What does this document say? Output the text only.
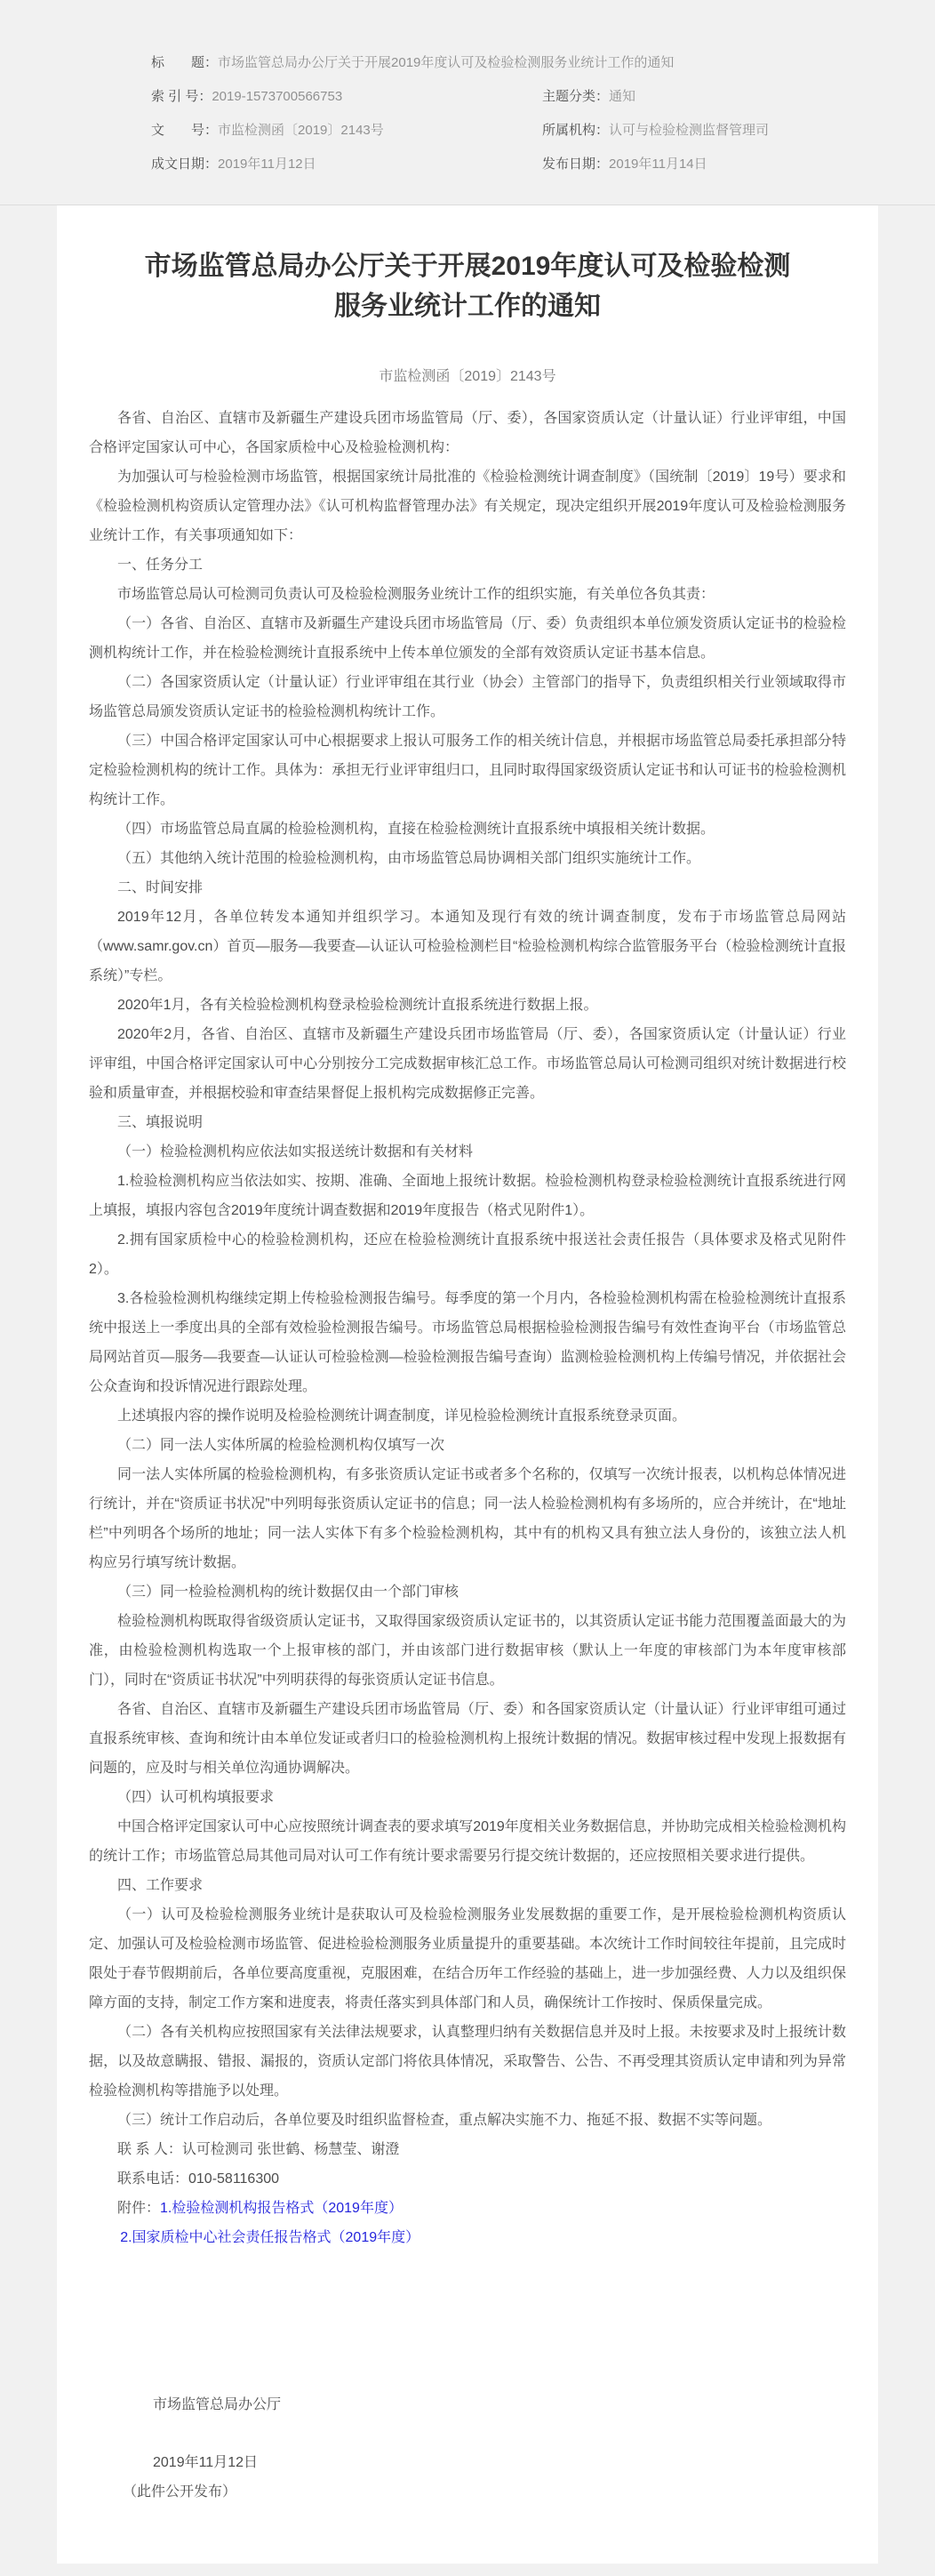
标　　题： 市场监管总局办公厅关于开展2019年度认可及检验检测服务业统计工作的通知
索 引 号： 2019-1573700566753	主题分类： 通知
文　　号： 市监检测函〔2019〕2143号	所属机构： 认可与检验检测监督管理司
成文日期： 2019年11月12日	发布日期： 2019年11月14日
市场监管总局办公厅关于开展2019年度认可及检验检测
服务业统计工作的通知
市监检测函〔2019〕2143号

各省、自治区、直辖市及新疆生产建设兵团市场监管局（厅、委），各国家资质认定（计量认证）行业评审组，中国合格评定国家认可中心，各国家质检中心及检验检测机构：

为加强认可与检验检测市场监管，根据国家统计局批准的《检验检测统计调查制度》（国统制〔2019〕19号）要求和《检验检测机构资质认定管理办法》《认可机构监督管理办法》有关规定，现决定组织开展2019年度认可及检验检测服务业统计工作，有关事项通知如下：

一、任务分工

市场监管总局认可检测司负责认可及检验检测服务业统计工作的组织实施，有关单位各负其责：

（一）各省、自治区、直辖市及新疆生产建设兵团市场监管局（厅、委）负责组织本单位颁发资质认定证书的检验检测机构统计工作，并在检验检测统计直报系统中上传本单位颁发的全部有效资质认定证书基本信息。

（二）各国家资质认定（计量认证）行业评审组在其行业（协会）主管部门的指导下，负责组织相关行业领域取得市场监管总局颁发资质认定证书的检验检测机构统计工作。

（三）中国合格评定国家认可中心根据要求上报认可服务工作的相关统计信息，并根据市场监管总局委托承担部分特定检验检测机构的统计工作。具体为：承担无行业评审组归口，且同时取得国家级资质认定证书和认可证书的检验检测机构统计工作。

（四）市场监管总局直属的检验检测机构，直接在检验检测统计直报系统中填报相关统计数据。

（五）其他纳入统计范围的检验检测机构，由市场监管总局协调相关部门组织实施统计工作。

二、时间安排

2019年12月，各单位转发本通知并组织学习。本通知及现行有效的统计调查制度，发布于市场监管总局网站（www.samr.gov.cn）首页—服务—我要查—认证认可检验检测栏目“检验检测机构综合监管服务平台（检验检测统计直报系统）”专栏。

2020年1月，各有关检验检测机构登录检验检测统计直报系统进行数据上报。

2020年2月，各省、自治区、直辖市及新疆生产建设兵团市场监管局（厅、委），各国家资质认定（计量认证）行业评审组，中国合格评定国家认可中心分别按分工完成数据审核汇总工作。市场监管总局认可检测司组织对统计数据进行校验和质量审查，并根据校验和审查结果督促上报机构完成数据修正完善。

三、填报说明

（一）检验检测机构应依法如实报送统计数据和有关材料

1.检验检测机构应当依法如实、按期、准确、全面地上报统计数据。检验检测机构登录检验检测统计直报系统进行网上填报，填报内容包含2019年度统计调查数据和2019年度报告（格式见附件1）。

2.拥有国家质检中心的检验检测机构，还应在检验检测统计直报系统中报送社会责任报告（具体要求及格式见附件2）。

3.各检验检测机构继续定期上传检验检测报告编号。每季度的第一个月内，各检验检测机构需在检验检测统计直报系统中报送上一季度出具的全部有效检验检测报告编号。市场监管总局根据检验检测报告编号有效性查询平台（市场监管总局网站首页—服务—我要查—认证认可检验检测—检验检测报告编号查询）监测检验检测机构上传编号情况，并依据社会公众查询和投诉情况进行跟踪处理。

上述填报内容的操作说明及检验检测统计调查制度，详见检验检测统计直报系统登录页面。

（二）同一法人实体所属的检验检测机构仅填写一次

同一法人实体所属的检验检测机构，有多张资质认定证书或者多个名称的，仅填写一次统计报表，以机构总体情况进行统计，并在“资质证书状况”中列明每张资质认定证书的信息；同一法人检验检测机构有多场所的，应合并统计，在“地址栏”中列明各个场所的地址；同一法人实体下有多个检验检测机构，其中有的机构又具有独立法人身份的，该独立法人机构应另行填写统计数据。

（三）同一检验检测机构的统计数据仅由一个部门审核

检验检测机构既取得省级资质认定证书，又取得国家级资质认定证书的，以其资质认定证书能力范围覆盖面最大的为准，由检验检测机构选取一个上报审核的部门，并由该部门进行数据审核（默认上一年度的审核部门为本年度审核部门），同时在“资质证书状况”中列明获得的每张资质认定证书信息。

各省、自治区、直辖市及新疆生产建设兵团市场监管局（厅、委）和各国家资质认定（计量认证）行业评审组可通过直报系统审核、查询和统计由本单位发证或者归口的检验检测机构上报统计数据的情况。数据审核过程中发现上报数据有问题的，应及时与相关单位沟通协调解决。

（四）认可机构填报要求

中国合格评定国家认可中心应按照统计调查表的要求填写2019年度相关业务数据信息，并协助完成相关检验检测机构的统计工作；市场监管总局其他司局对认可工作有统计要求需要另行提交统计数据的，还应按照相关要求进行提供。

四、工作要求

（一）认可及检验检测服务业统计是获取认可及检验检测服务业发展数据的重要工作，是开展检验检测机构资质认定、加强认可及检验检测市场监管、促进检验检测服务业质量提升的重要基础。本次统计工作时间较往年提前，且完成时限处于春节假期前后，各单位要高度重视，克服困难，在结合历年工作经验的基础上，进一步加强经费、人力以及组织保障方面的支持，制定工作方案和进度表，将责任落实到具体部门和人员，确保统计工作按时、保质保量完成。

（二）各有关机构应按照国家有关法律法规要求，认真整理归纳有关数据信息并及时上报。未按要求及时上报统计数据，以及故意瞒报、错报、漏报的，资质认定部门将依具体情况，采取警告、公告、不再受理其资质认定申请和列为异常检验检测机构等措施予以处理。

（三）统计工作启动后，各单位要及时组织监督检查，重点解决实施不力、拖延不报、数据不实等问题。

联 系 人：认可检测司 张世鹤、杨慧莹、谢澄

联系电话：010-58116300

附件：1.检验检测机构报告格式（2019年度）

2.国家质检中心社会责任报告格式（2019年度）

市场监管总局办公厅

2019年11月12日

（此件公开发布）
